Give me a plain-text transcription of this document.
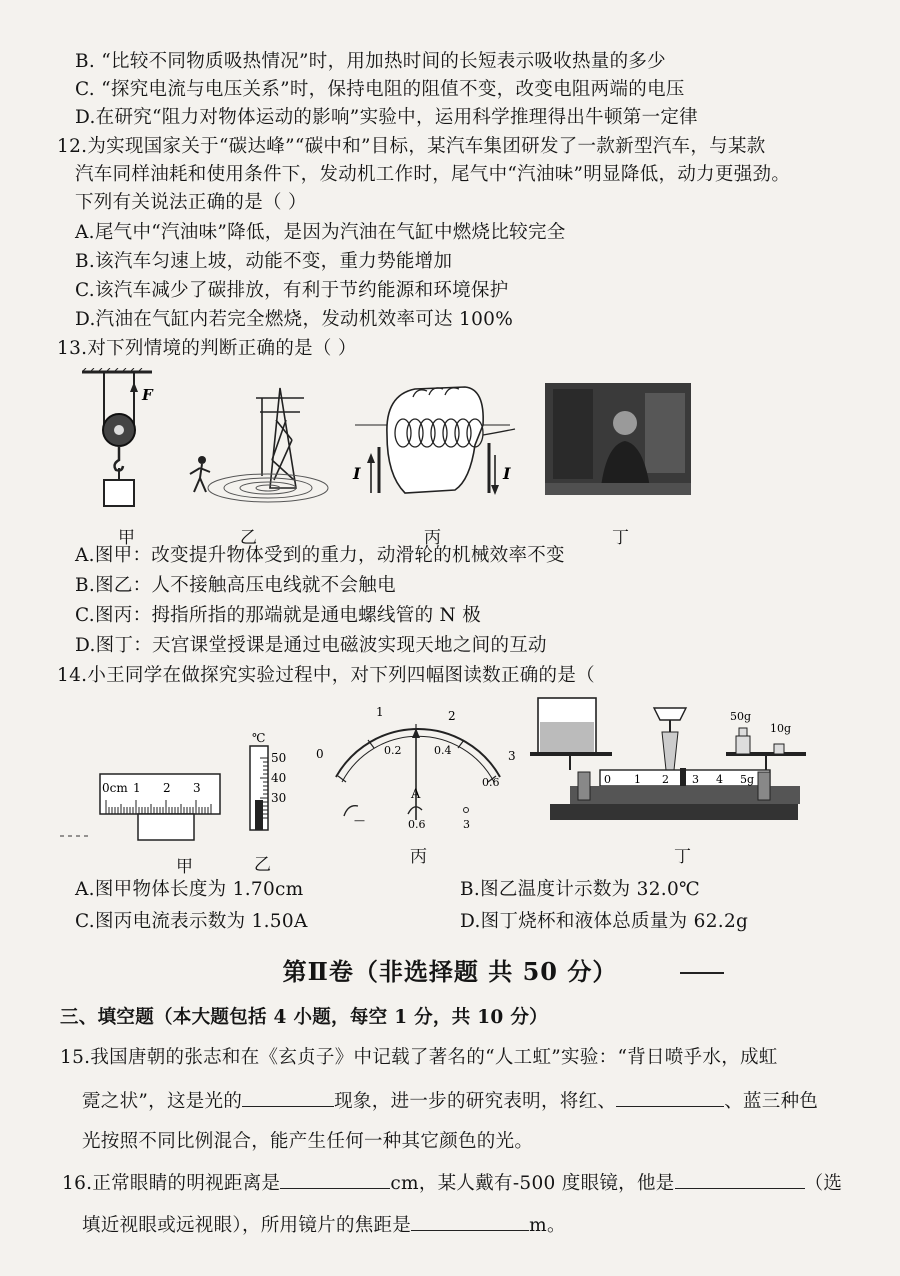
B. “比较不同物质吸热情况”时，用加热时间的长短表示吸收热量的多少
C. “探究电流与电压关系”时，保持电阻的阻值不变，改变电阻两端的电压
D.在研究“阻力对物体运动的影响”实验中，运用科学推理得出牛顿第一定律
12.为实现国家关于“碳达峰”“碳中和”目标，某汽车集团研发了一款新型汽车，与某款
汽车同样油耗和使用条件下，发动机工作时，尾气中“汽油味”明显降低，动力更强劲。
下列有关说法正确的是（ ）
A.尾气中“汽油味”降低，是因为汽油在气缸中燃烧比较完全
B.该汽车匀速上坡，动能不变，重力势能增加
C.该汽车减少了碳排放，有利于节约能源和环境保护
D.汽油在气缸内若完全燃烧，发动机效率可达 100%
13.对下列情境的判断正确的是（ ）
F
I	I
甲	乙	丙	丁
A.图甲：改变提升物体受到的重力，动滑轮的机械效率不变
B.图乙：人不接触高压电线就不会触电
C.图丙：拇指所指的那端就是通电螺线管的 N 极
D.图丁：天宫课堂授课是通过电磁波实现天地之间的互动
14.小王同学在做探究实验过程中，对下列四幅图读数正确的是（
0cm 1 2 3
℃
50
40
30
0
1	2
3
0.2	0.4
0.6
A
—	0.6	3
50g
10g
0 1 2 3 4 5g
甲	乙	丙	丁
A.图甲物体长度为 1.70cm	B.图乙温度计示数为 32.0℃
C.图丙电流表示数为 1.50A	D.图丁烧杯和液体总质量为 62.2g
第Ⅱ卷（非选择题 共 50 分）
三、填空题（本大题包括 4 小题，每空 1 分，共 10 分）
15.我国唐朝的张志和在《玄贞子》中记载了著名的“人工虹”实验：“背日喷乎水，成虹
霓之状”，这是光的	现象，进一步的研究表明，将红、	、蓝三种色
光按照不同比例混合，能产生任何一种其它颜色的光。
16.正常眼睛的明视距离是	cm，某人戴有-500 度眼镜，他是	（选
填近视眼或远视眼），所用镜片的焦距是	m。
